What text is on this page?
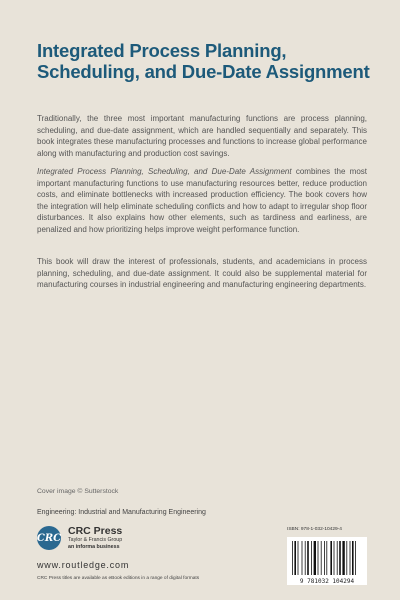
Integrated Process Planning, Scheduling, and Due-Date Assignment

Traditionally, the three most important manufacturing functions are process planning, scheduling, and due-date assignment, which are handled sequentially and separately. This book integrates these manufacturing processes and functions to increase global performance along with manufacturing and production cost savings.

Integrated Process Planning, Scheduling, and Due-Date Assignment combines the most important manufacturing functions to use manufacturing resources better, reduce production costs, and eliminate bottlenecks with increased production efficiency. The book covers how the integration will help eliminate scheduling conflicts and how to adapt to irregular shop floor disturbances. It also explains how other elements, such as tardiness and earliness, are penalized and how prioritizing helps improve weight performance function.

This book will draw the interest of professionals, students, and academicians in process planning, scheduling, and due-date assignment. It could also be supplemental material for manufacturing courses in industrial engineering and manufacturing engineering departments.

Cover image © Sutterstock

Engineering: Industrial and Manufacturing Engineering

CRC
CRC Press
Taylor & Francis Group
an informa business

www.routledge.com

CRC Press titles are available as eBook editions in a range of digital formats

ISBN: 978-1-032-10429-4

9 781032 104294
